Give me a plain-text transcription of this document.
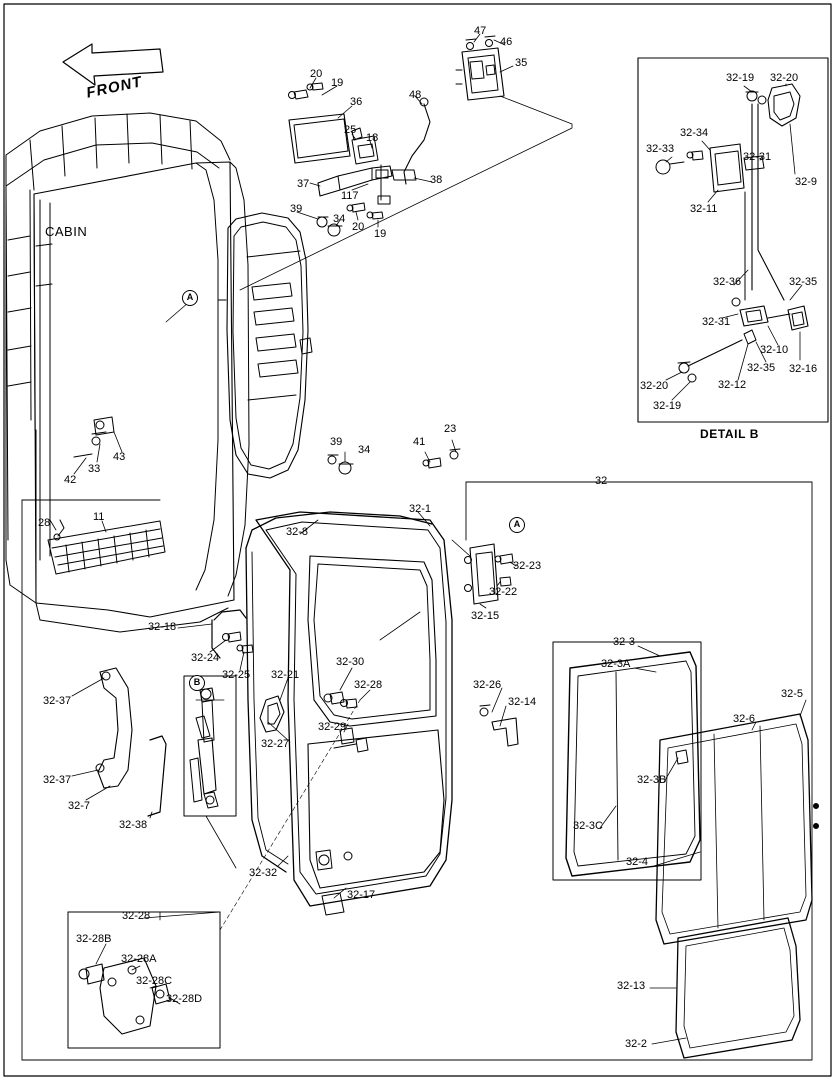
FRONT
CABIN
DETAIL B
32
32-28
A
A
B
47
46
35
20
19
48
36
25
18
37
117
38
39
34
20
19
43
33
42
28	11
39
34
41
23
32-1
32-8
32-23
32-22
32-15
32-18
32-24
32-25 32-21
32-30
32-28
32-29
32-27
32-26
32-14
32-37
32-37
32-7
32-38
32-32
32-17
32-3
32-3A
32-5
32-6
32-3B
32-3C
32-4
32-13
32-2
32-28B
32-28A
32-28C
32-28D
32-19 32-20
32-34
32-33
32-31
32-9
32-11
32-36	32-35
32-31
32-10
32-35 32-16
32-20	32-12
32-19
